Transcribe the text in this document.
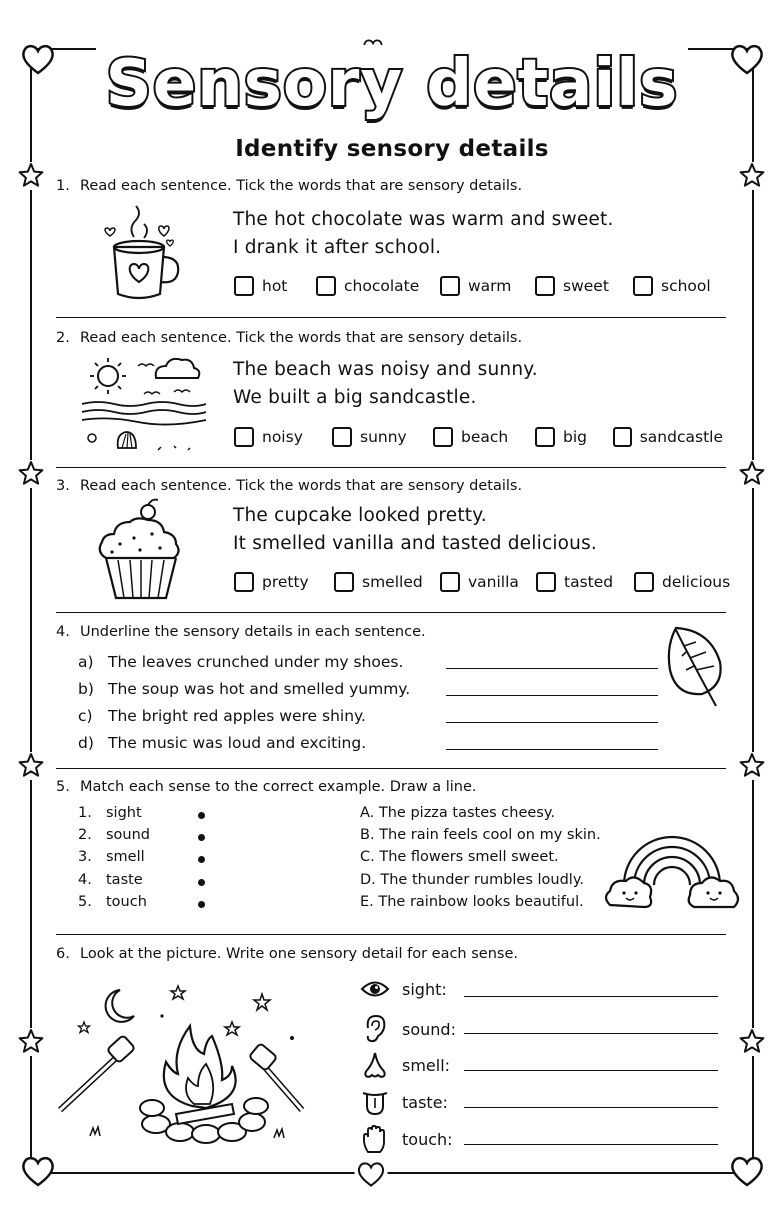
Sensory details
Identify sensory details
1. Read each sentence. Tick the words that are sensory details.
The hot chocolate was warm and sweet.
I drank it after school.
hot	chocolate	warm	sweet	school
2. Read each sentence. Tick the words that are sensory details.
The beach was noisy and sunny.
We built a big sandcastle.
noisy	sunny	beach	big	sandcastle
3. Read each sentence. Tick the words that are sensory details.
The cupcake looked pretty.
It smelled vanilla and tasted delicious.
pretty	smelled	vanilla	tasted	delicious
4. Underline the sensory details in each sentence.
a) The leaves crunched under my shoes.
b) The soup was hot and smelled yummy.
c) The bright red apples were shiny.
d) The music was loud and exciting.
5. Match each sense to the correct example. Draw a line.
1. sight
2. sound
3. smell
4. taste
5. touch
A. The pizza tastes cheesy.
B. The rain feels cool on my skin.
C. The flowers smell sweet.
D. The thunder rumbles loudly.
E. The rainbow looks beautiful.
6. Look at the picture. Write one sensory detail for each sense.
sight:
sound:
smell:
taste:
touch:
